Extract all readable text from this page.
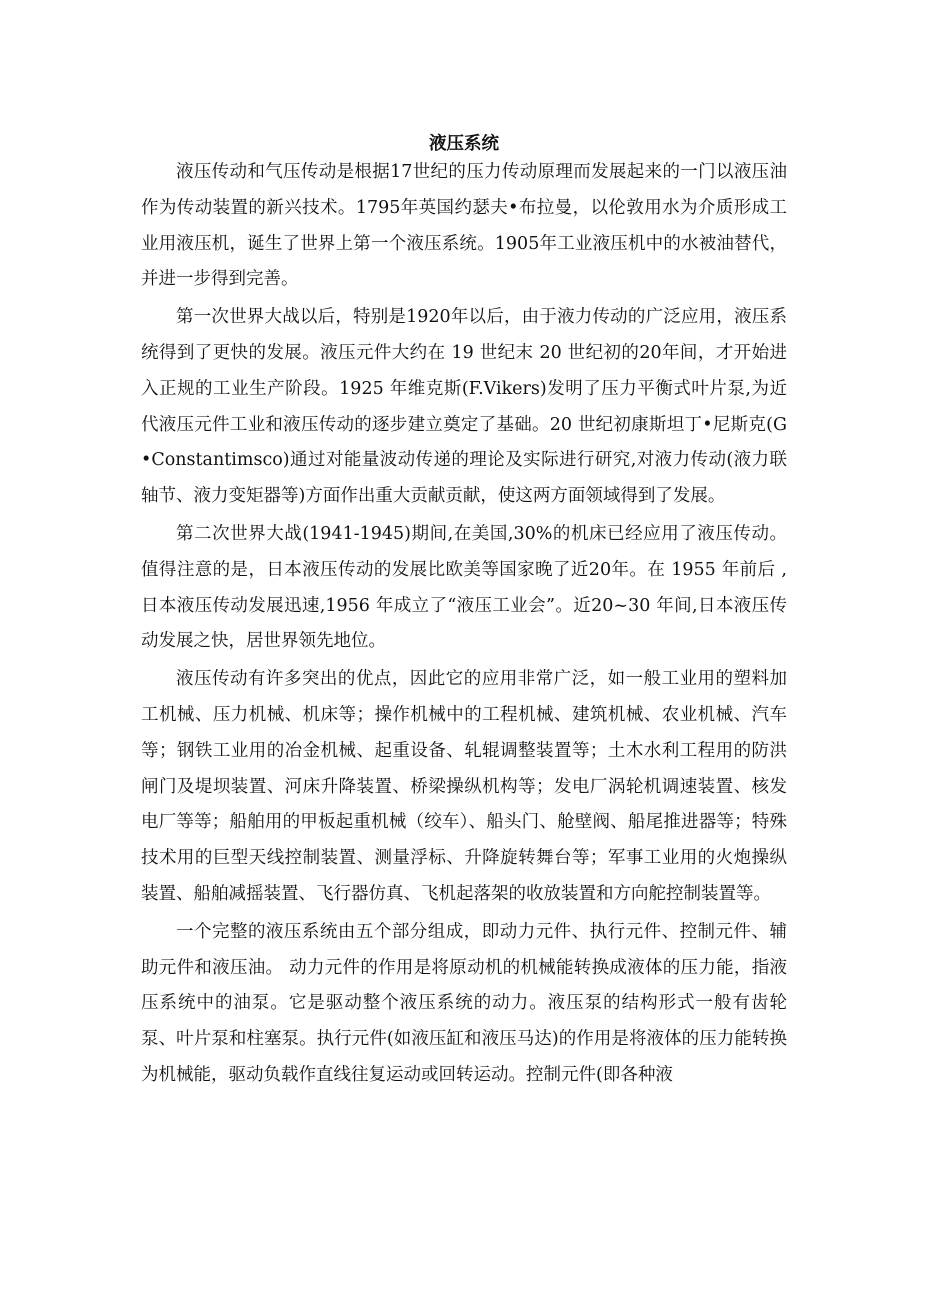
液压系统

液压传动和气压传动是根据17世纪的压力传动原理而发展起来的一门以液压油作为传动装置的新兴技术。1795年英国约瑟夫•布拉曼，以伦敦用水为介质形成工业用液压机，诞生了世界上第一个液压系统。1905年工业液压机中的水被油替代，并进一步得到完善。

第一次世界大战以后，特别是1920年以后，由于液力传动的广泛应用，液压系统得到了更快的发展。液压元件大约在 19 世纪末 20 世纪初的20年间，才开始进入正规的工业生产阶段。1925 年维克斯(F.Vikers)发明了压力平衡式叶片泵,为近代液压元件工业和液压传动的逐步建立奠定了基础。20 世纪初康斯坦丁•尼斯克(G•Constantimsco)通过对能量波动传递的理论及实际进行研究,对液力传动(液力联轴节、液力变矩器等)方面作出重大贡献贡献，使这两方面领域得到了发展。

第二次世界大战(1941-1945)期间,在美国,30%的机床已经应用了液压传动。值得注意的是，日本液压传动的发展比欧美等国家晚了近20年。在 1955 年前后 , 日本液压传动发展迅速,1956 年成立了“液压工业会”。近20~30 年间,日本液压传动发展之快，居世界领先地位。

液压传动有许多突出的优点，因此它的应用非常广泛，如一般工业用的塑料加工机械、压力机械、机床等；操作机械中的工程机械、建筑机械、农业机械、汽车等；钢铁工业用的冶金机械、起重设备、轧辊调整装置等；土木水利工程用的防洪闸门及堤坝装置、河床升降装置、桥梁操纵机构等；发电厂涡轮机调速装置、核发电厂等等；船舶用的甲板起重机械（绞车）、船头门、舱壁阀、船尾推进器等；特殊技术用的巨型天线控制装置、测量浮标、升降旋转舞台等；军事工业用的火炮操纵装置、船舶减摇装置、飞行器仿真、飞机起落架的收放装置和方向舵控制装置等。

一个完整的液压系统由五个部分组成，即动力元件、执行元件、控制元件、辅助元件和液压油。 动力元件的作用是将原动机的机械能转换成液体的压力能，指液压系统中的油泵。它是驱动整个液压系统的动力。液压泵的结构形式一般有齿轮泵、叶片泵和柱塞泵。执行元件(如液压缸和液压马达)的作用是将液体的压力能转换为机械能，驱动负载作直线往复运动或回转运动。控制元件(即各种液
